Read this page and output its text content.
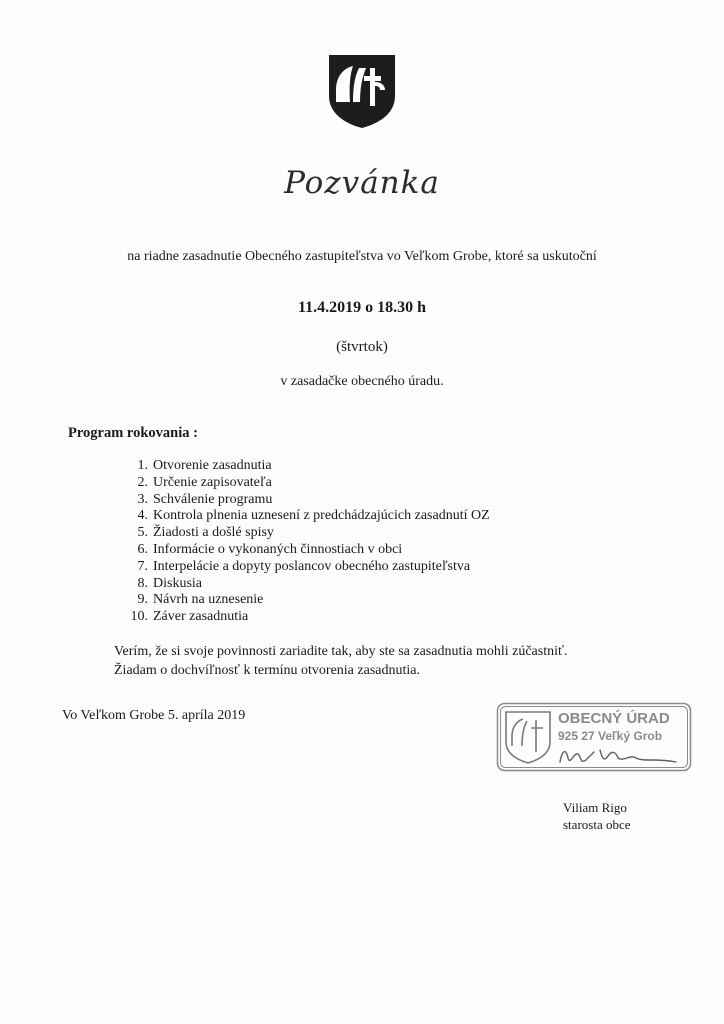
Pozvánka
na riadne zasadnutie Obecného zastupiteľstva vo Veľkom Grobe, ktoré sa uskutoční
11.4.2019 o 18.30 h
(štvrtok)
v zasadačke obecného úradu.
Program rokovania :
1. Otvorenie zasadnutia
2. Určenie zapisovateľa
3. Schválenie programu
4. Kontrola plnenia uznesení z predchádzajúcich zasadnutí OZ
5. Žiadosti a došlé spisy
6. Informácie o vykonaných činnostiach v obci
7. Interpelácie a dopyty poslancov obecného zastupiteľstva
8. Diskusia
9. Návrh na uznesenie
10. Záver zasadnutia
Verím, že si svoje povinnosti zariadite tak, aby ste sa zasadnutia mohli zúčastniť.
Žiadam o dochvíľnosť k termínu otvorenia zasadnutia.
Vo Veľkom Grobe 5. apríla 2019	OBECNÝ ÚRAD
925 27 Veľký Grob
Viliam Rigo
starosta obce
